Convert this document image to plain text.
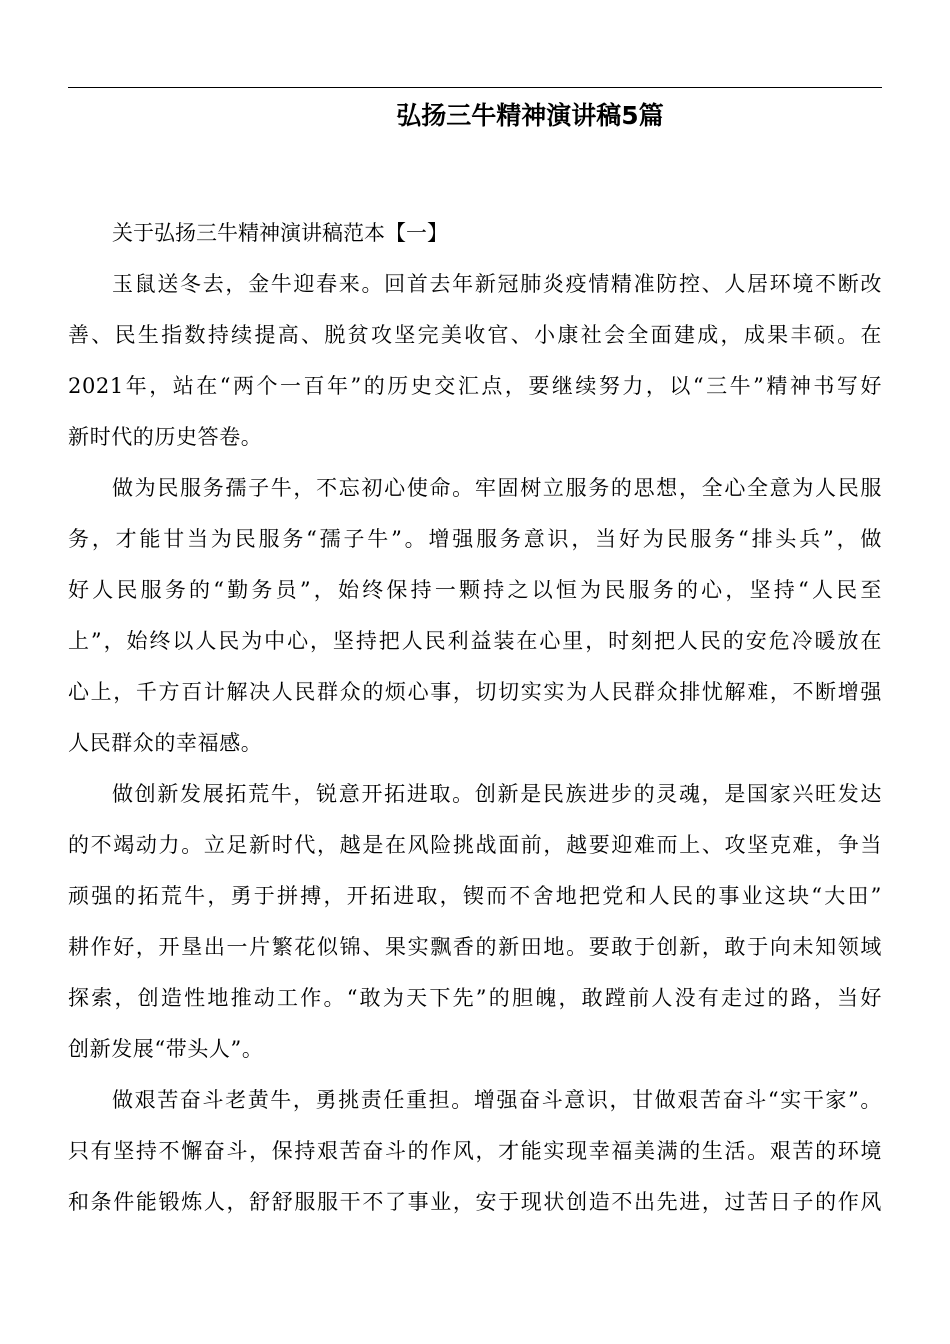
弘扬三牛精神演讲稿5篇

关于弘扬三牛精神演讲稿范本【一】

玉鼠送冬去，金牛迎春来。回首去年新冠肺炎疫情精准防控、人居环境不断改
善、民生指数持续提高、脱贫攻坚完美收官、小康社会全面建成，成果丰硕。在
2021年，站在“两个一百年”的历史交汇点，要继续努力，以“三牛”精神书写好
新时代的历史答卷。

做为民服务孺子牛，不忘初心使命。牢固树立服务的思想，全心全意为人民服
务，才能甘当为民服务“孺子牛”。增强服务意识，当好为民服务“排头兵”，做
好人民服务的“勤务员”，始终保持一颗持之以恒为民服务的心，坚持“人民至
上”，始终以人民为中心，坚持把人民利益装在心里，时刻把人民的安危冷暖放在
心上，千方百计解决人民群众的烦心事，切切实实为人民群众排忧解难，不断增强
人民群众的幸福感。

做创新发展拓荒牛，锐意开拓进取。创新是民族进步的灵魂，是国家兴旺发达
的不竭动力。立足新时代，越是在风险挑战面前，越要迎难而上、攻坚克难，争当
顽强的拓荒牛，勇于拼搏，开拓进取，锲而不舍地把党和人民的事业这块“大田”
耕作好，开垦出一片繁花似锦、果实飘香的新田地。要敢于创新，敢于向未知领域
探索，创造性地推动工作。“敢为天下先”的胆魄，敢蹚前人没有走过的路，当好
创新发展“带头人”。

做艰苦奋斗老黄牛，勇挑责任重担。增强奋斗意识，甘做艰苦奋斗“实干家”。
只有坚持不懈奋斗，保持艰苦奋斗的作风，才能实现幸福美满的生活。艰苦的环境
和条件能锻炼人，舒舒服服干不了事业，安于现状创造不出先进，过苦日子的作风
